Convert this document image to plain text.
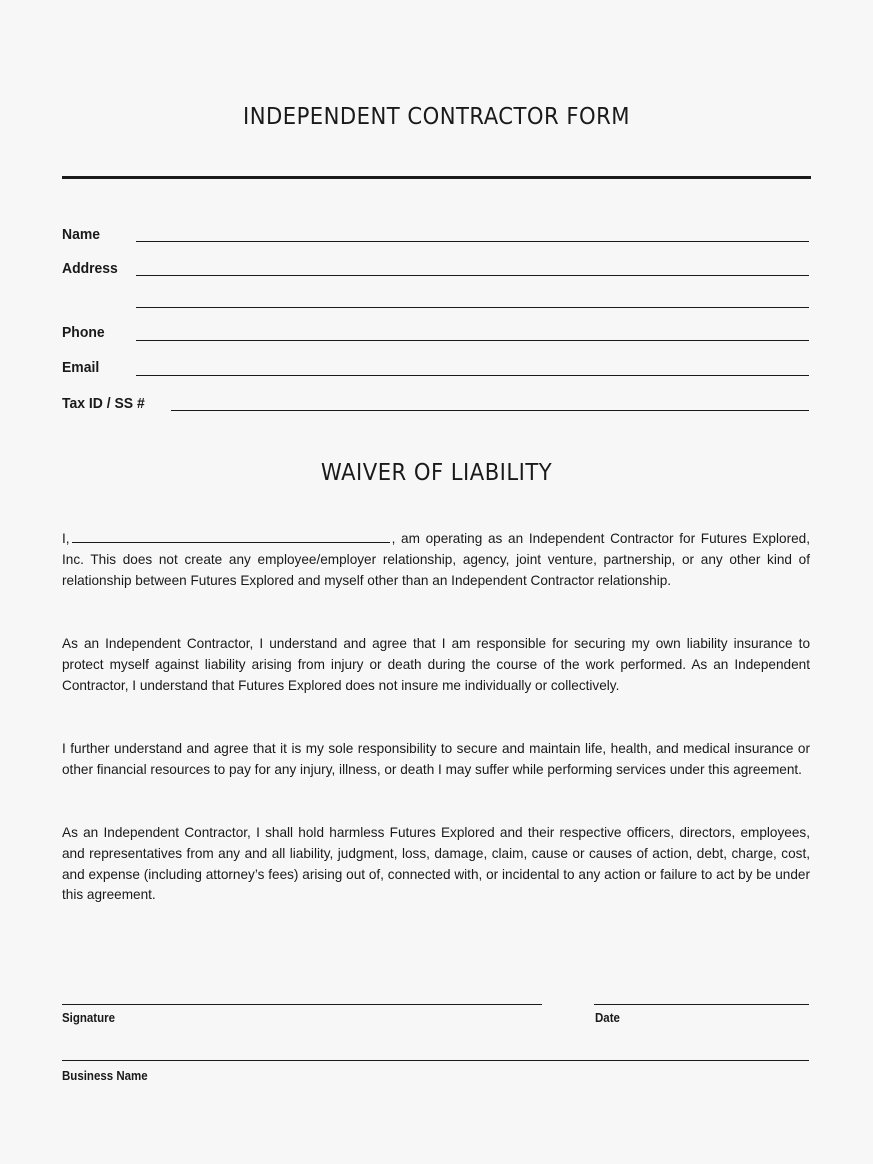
INDEPENDENT CONTRACTOR FORM
Name
Address
Phone
Email
Tax ID / SS #
WAIVER OF LIABILITY
I,	, am operating as an Independent Contractor for Futures Explored, Inc. This does not create any employee/employer relationship, agency, joint venture, partnership, or any other kind of relationship between Futures Explored and myself other than an Independent Contractor relationship.
As an Independent Contractor, I understand and agree that I am responsible for securing my own liability insurance to protect myself against liability arising from injury or death during the course of the work performed. As an Independent Contractor, I understand that Futures Explored does not insure me individually or collectively.
I further understand and agree that it is my sole responsibility to secure and maintain life, health, and medical insurance or other financial resources to pay for any injury, illness, or death I may suffer while performing services under this agreement.
As an Independent Contractor, I shall hold harmless Futures Explored and their respective officers, directors, employees, and representatives from any and all liability, judgment, loss, damage, claim, cause or causes of action, debt, charge, cost, and expense (including attorney’s fees) arising out of, connected with, or incidental to any action or failure to act by be under this agreement.
Signature	Date
Business Name
